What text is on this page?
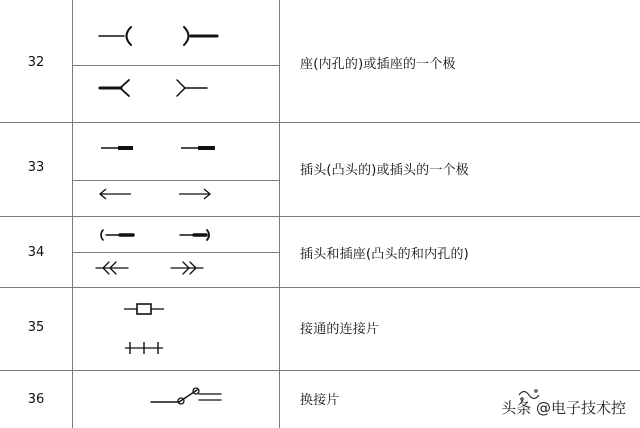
32	座(内孔的)或插座的一个极
33	插头(凸头的)或插头的一个极
34	插头和插座(凸头的和内孔的)
35	接通的连接片
36	换接片	头条 @电子技术控
